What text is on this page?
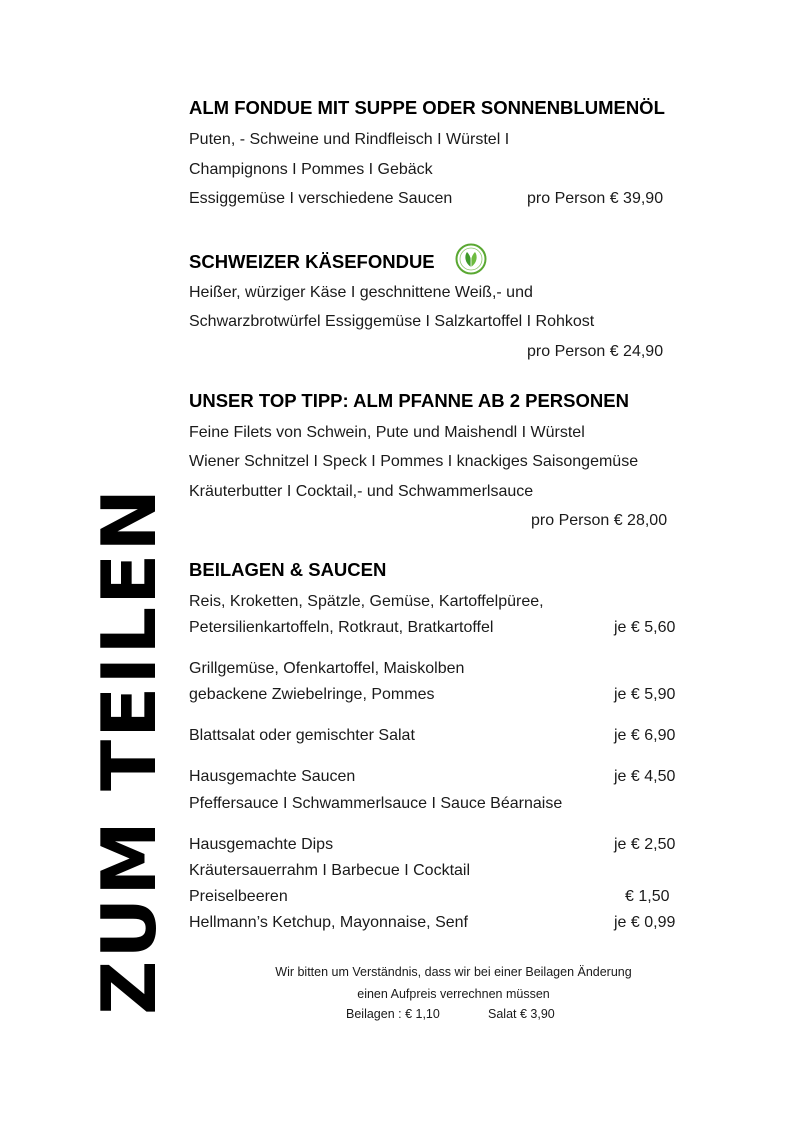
ZUM TEILEN
ALM FONDUE MIT SUPPE ODER SONNENBLUMENÖL
Puten, - Schweine und Rindfleisch I Würstel I
Champignons I Pommes I Gebäck
Essiggemüse I verschiedene Saucen	pro Person € 39,90
SCHWEIZER KÄSEFONDUE
Heißer, würziger Käse I geschnittene Weiß,- und
Schwarzbrotwürfel Essiggemüse I Salzkartoffel I Rohkost
pro Person € 24,90
UNSER TOP TIPP: ALM PFANNE AB 2 PERSONEN
Feine Filets von Schwein, Pute und Maishendl I Würstel
Wiener Schnitzel I Speck I Pommes I knackiges Saisongemüse
Kräuterbutter I Cocktail,- und Schwammerlsauce
pro Person € 28,00
BEILAGEN & SAUCEN
Reis, Kroketten, Spätzle, Gemüse, Kartoffelpüree,
Petersilienkartoffeln, Rotkraut, Bratkartoffel	je € 5,60
Grillgemüse, Ofenkartoffel, Maiskolben
gebackene Zwiebelringe, Pommes	je € 5,90
Blattsalat oder gemischter Salat	je € 6,90
Hausgemachte Saucen	je € 4,50
Pfeffersauce I Schwammerlsauce I Sauce Béarnaise
Hausgemachte Dips	je € 2,50
Kräutersauerrahm I Barbecue I Cocktail
Preiselbeeren	€ 1,50
Hellmann’s Ketchup, Mayonnaise, Senf	je € 0,99
Wir bitten um Verständnis, dass wir bei einer Beilagen Änderung
einen Aufpreis verrechnen müssen
Beilagen : € 1,10	Salat € 3,90
